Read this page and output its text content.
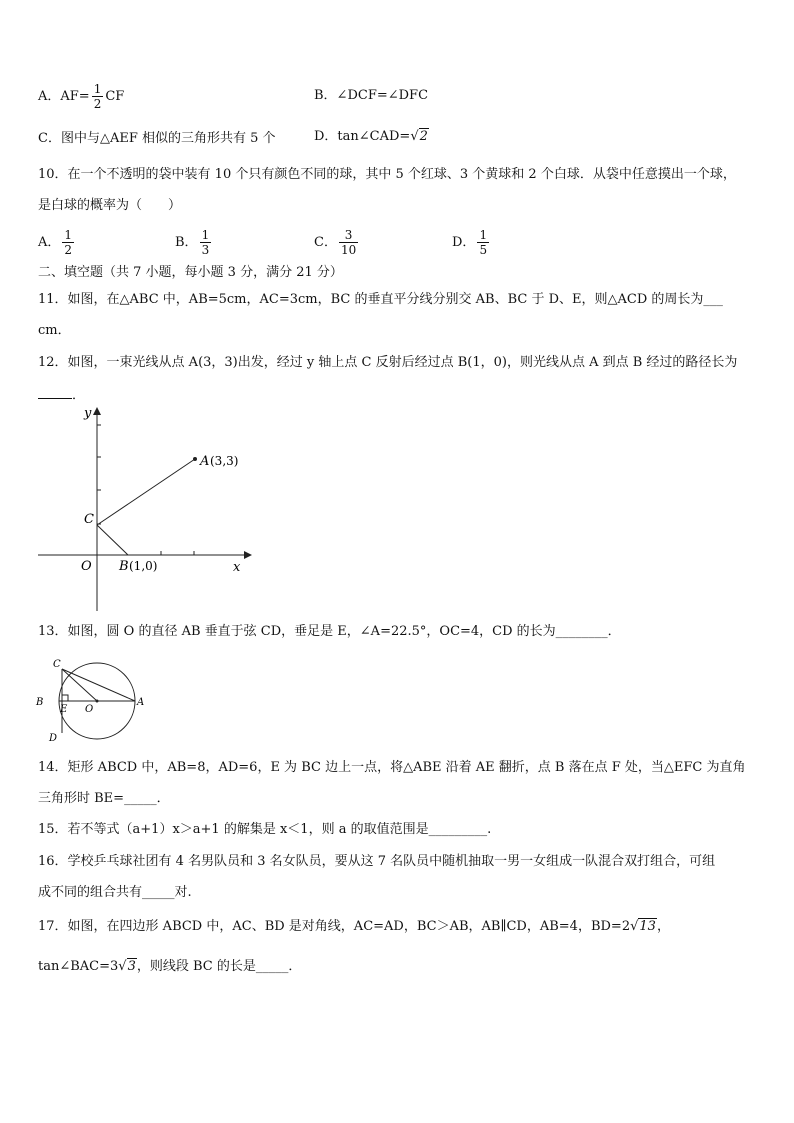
A．$AF= \frac{1}{2}$ CF	B．∠DCF=∠DFC
C．图中与△AEF 相似的三角形共有 5 个	D．tan∠CAD=√2
10．在一个不透明的袋中装有 10 个只有颜色不同的球，其中 5 个红球、3 个黄球和 2 个白球．从袋中任意摸出一个球，
是白球的概率为（　　）
A． $\frac{1}{2}$	B． $\frac{1}{3}$	C． $\frac{3}{10}$	D． $\frac{1}{5}$
二、填空题（共 7 小题，每小题 3 分，满分 21 分）
11．如图，在△ABC 中，AB=5cm，AC=3cm，BC 的垂直平分线分别交 AB、BC 于 D、E，则△ACD 的周长为___
cm．
12．如图，一束光线从点 A(3，3)出发，经过 y 轴上点 C 反射后经过点 B(1，0)，则光线从点 A 到点 B 经过的路径长为
．
y
x
A (3,3)
C
O B (1,0)
13．如图，圆 O 的直径 AB 垂直于弦 CD，垂足是 E，∠A=22.5°，OC=4，CD 的长为________．
C
B
E O
A
D
14．矩形 ABCD 中，AB=8，AD=6，E 为 BC 边上一点，将△ABE 沿着 AE 翻折，点 B 落在点 F 处，当△EFC 为直角
三角形时 BE=_____．
15．若不等式（a+1）x＞a+1 的解集是 x＜1，则 a 的取值范围是_________.
16．学校乒乓球社团有 4 名男队员和 3 名女队员，要从这 7 名队员中随机抽取一男一女组成一队混合双打组合，可组
成不同的组合共有_____对.
17．如图，在四边形 ABCD 中，AC、BD 是对角线，AC=AD，BC＞AB，AB∥CD，AB=4，BD=2√13，
tan∠BAC=3√3，则线段 BC 的长是_____．
